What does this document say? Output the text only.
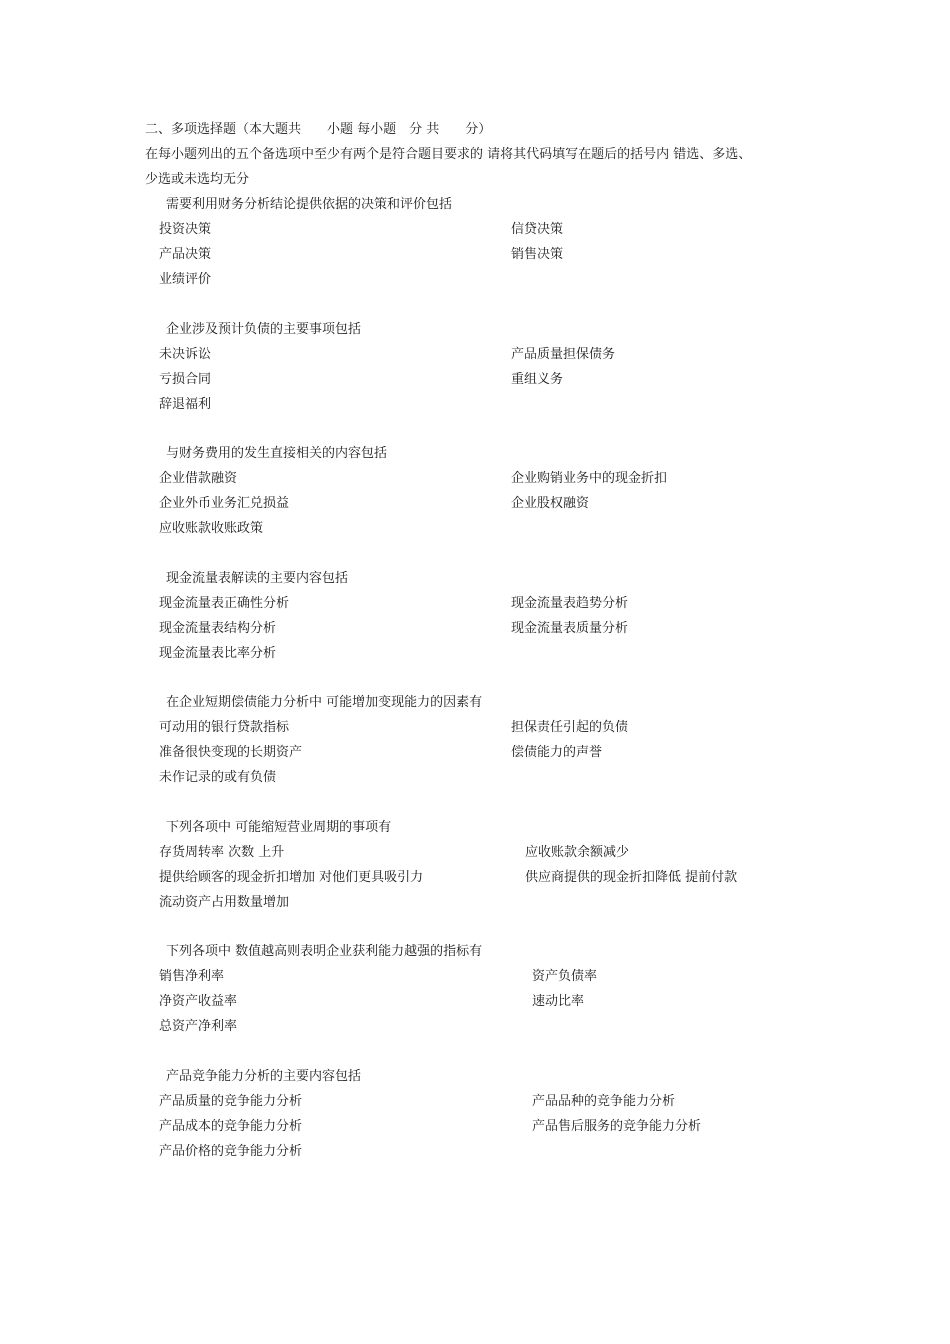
二、多项选择题（本大题共　　小题 每小题　分 共　　分）
在每小题列出的五个备选项中至少有两个是符合题目要求的 请将其代码填写在题后的括号内 错选、多选、
少选或未选均无分
需要利用财务分析结论提供依据的决策和评价包括
投资决策	信贷决策
产品决策	销售决策
业绩评价
企业涉及预计负债的主要事项包括
未决诉讼	产品质量担保债务
亏损合同	重组义务
辞退福利
与财务费用的发生直接相关的内容包括
企业借款融资	企业购销业务中的现金折扣
企业外币业务汇兑损益	企业股权融资
应收账款收账政策
现金流量表解读的主要内容包括
现金流量表正确性分析	现金流量表趋势分析
现金流量表结构分析	现金流量表质量分析
现金流量表比率分析
在企业短期偿债能力分析中 可能增加变现能力的因素有
可动用的银行贷款指标	担保责任引起的负债
准备很快变现的长期资产	偿债能力的声誉
未作记录的或有负债
下列各项中 可能缩短营业周期的事项有
存货周转率 次数 上升	应收账款余额减少
提供给顾客的现金折扣增加 对他们更具吸引力	供应商提供的现金折扣降低 提前付款
流动资产占用数量增加
下列各项中 数值越高则表明企业获利能力越强的指标有
销售净利率	资产负债率
净资产收益率	速动比率
总资产净利率
产品竞争能力分析的主要内容包括
产品质量的竞争能力分析	产品品种的竞争能力分析
产品成本的竞争能力分析	产品售后服务的竞争能力分析
产品价格的竞争能力分析
